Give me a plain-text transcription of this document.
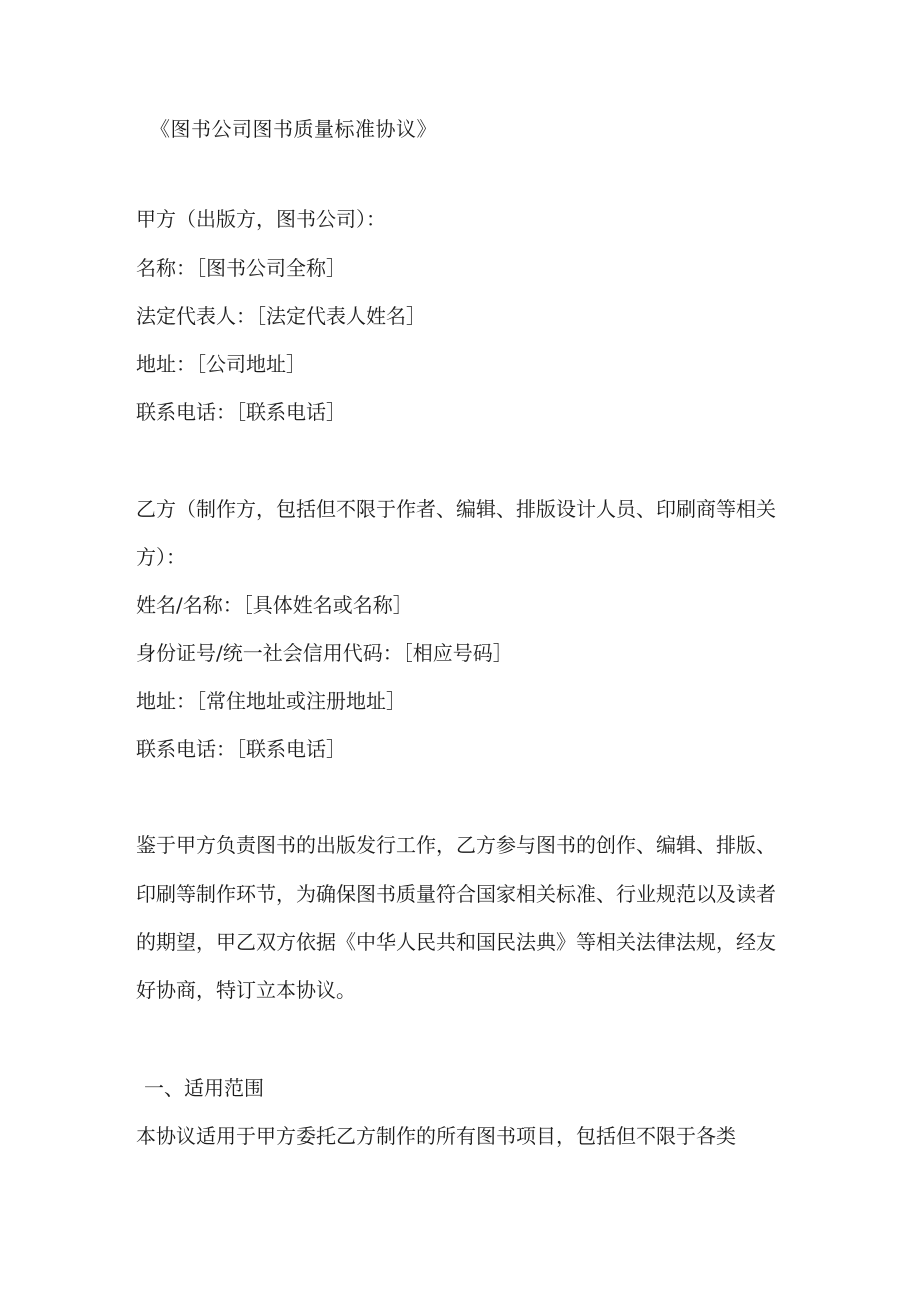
《图书公司图书质量标准协议》
甲方（出版方，图书公司）：
名称：［图书公司全称］
法定代表人：［法定代表人姓名］
地址：［公司地址］
联系电话：［联系电话］
乙方（制作方，包括但不限于作者、编辑、排版设计人员、印刷商等相关
方）：
姓名/名称：［具体姓名或名称］
身份证号/统一社会信用代码：［相应号码］
地址：［常住地址或注册地址］
联系电话：［联系电话］
鉴于甲方负责图书的出版发行工作，乙方参与图书的创作、编辑、排版、
印刷等制作环节，为确保图书质量符合国家相关标准、行业规范以及读者
的期望，甲乙双方依据《中华人民共和国民法典》等相关法律法规，经友
好协商，特订立本协议。
一、适用范围
本协议适用于甲方委托乙方制作的所有图书项目，包括但不限于各类
